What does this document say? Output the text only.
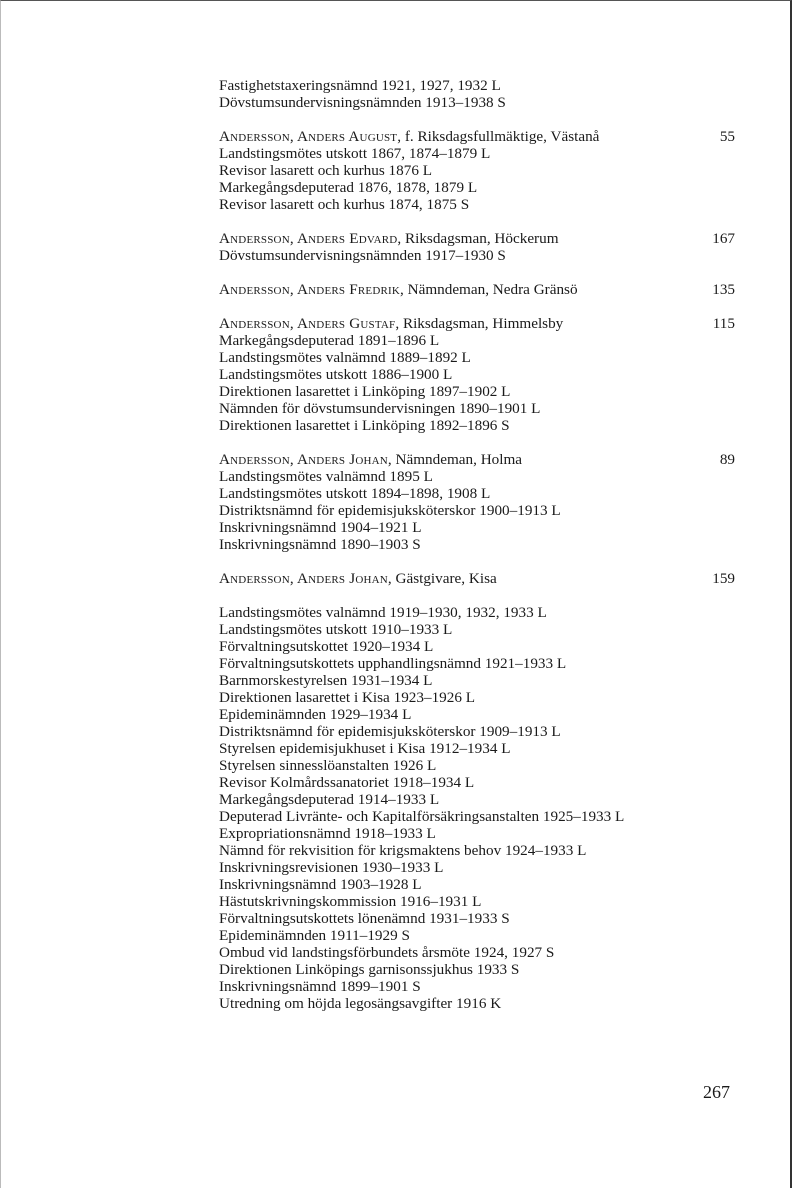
Fastighetstaxeringsnämnd 1921, 1927, 1932 L
Dövstumsundervisningsnämnden 1913–1938 S
Andersson, Anders August, f. Riksdagsfullmäktige, Västanå	55
Landstingsmötes utskott 1867, 1874–1879 L
Revisor lasarett och kurhus 1876 L
Markegångsdeputerad 1876, 1878, 1879 L
Revisor lasarett och kurhus 1874, 1875 S
Andersson, Anders Edvard, Riksdagsman, Höckerum	167
Dövstumsundervisningsnämnden 1917–1930 S
Andersson, Anders Fredrik, Nämndeman, Nedra Gränsö	135
Andersson, Anders Gustaf, Riksdagsman, Himmelsby	115
Markegångsdeputerad 1891–1896 L
Landstingsmötes valnämnd 1889–1892 L
Landstingsmötes utskott 1886–1900 L
Direktionen lasarettet i Linköping 1897–1902 L
Nämnden för dövstumsundervisningen 1890–1901 L
Direktionen lasarettet i Linköping 1892–1896 S
Andersson, Anders Johan, Nämndeman, Holma	89
Landstingsmötes valnämnd 1895 L
Landstingsmötes utskott 1894–1898, 1908 L
Distriktsnämnd för epidemisjuksköterskor 1900–1913 L
Inskrivningsnämnd 1904–1921 L
Inskrivningsnämnd 1890–1903 S
Andersson, Anders Johan, Gästgivare, Kisa	159
Landstingsmötes valnämnd 1919–1930, 1932, 1933 L
Landstingsmötes utskott 1910–1933 L
Förvaltningsutskottet 1920–1934 L
Förvaltningsutskottets upphandlingsnämnd 1921–1933 L
Barnmorskestyrelsen 1931–1934 L
Direktionen lasarettet i Kisa 1923–1926 L
Epideminämnden 1929–1934 L
Distriktsnämnd för epidemisjuksköterskor 1909–1913 L
Styrelsen epidemisjukhuset i Kisa 1912–1934 L
Styrelsen sinnesslöanstalten 1926 L
Revisor Kolmårdssanatoriet 1918–1934 L
Markegångsdeputerad 1914–1933 L
Deputerad Livränte- och Kapitalförsäkringsanstalten 1925–1933 L
Expropriationsnämnd 1918–1933 L
Nämnd för rekvisition för krigsmaktens behov 1924–1933 L
Inskrivningsrevisionen 1930–1933 L
Inskrivningsnämnd 1903–1928 L
Hästutskrivningskommission 1916–1931 L
Förvaltningsutskottets lönenämnd 1931–1933 S
Epideminämnden 1911–1929 S
Ombud vid landstingsförbundets årsmöte 1924, 1927 S
Direktionen Linköpings garnisonssjukhus 1933 S
Inskrivningsnämnd 1899–1901 S
Utredning om höjda legosängsavgifter 1916 K
267
